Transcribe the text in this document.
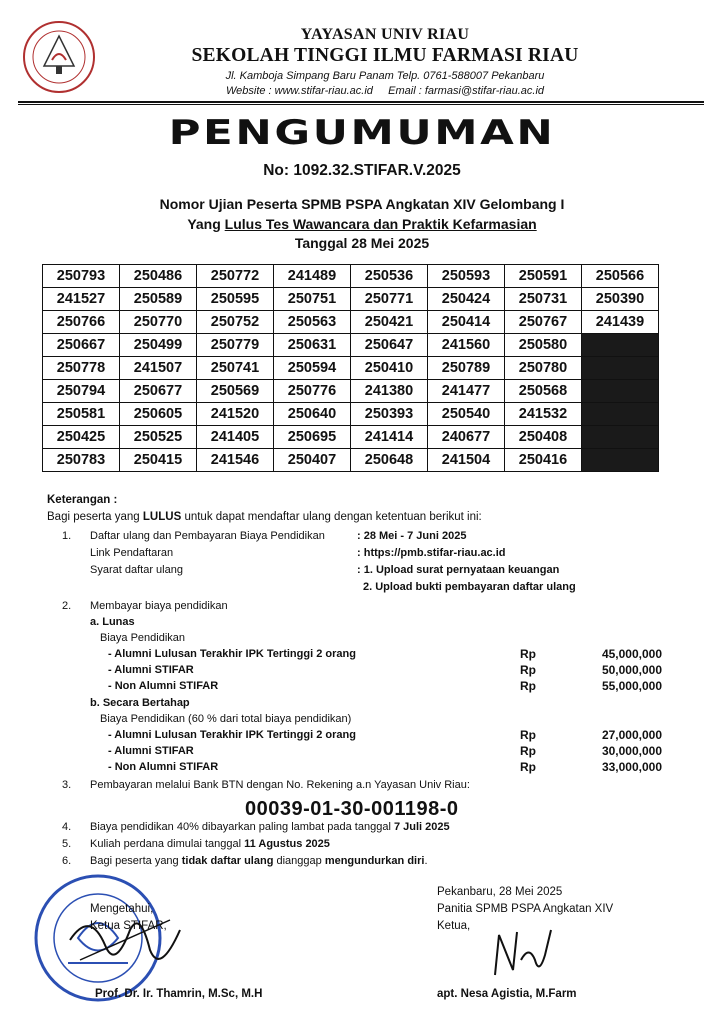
YAYASAN UNIV RIAU
SEKOLAH TINGGI ILMU FARMASI RIAU
Jl. Kamboja Simpang Baru Panam Telp. 0761-588007 Pekanbaru
Website : www.stifar-riau.ac.id     Email : farmasi@stifar-riau.ac.id
PENGUMUMAN
No: 1092.32.STIFAR.V.2025
Nomor Ujian Peserta SPMB PSPA Angkatan XIV Gelombang I
Yang Lulus Tes Wawancara dan Praktik Kefarmasian
Tanggal 28 Mei 2025
250793	250486	250772	241489	250536	250593	250591	250566
241527	250589	250595	250751	250771	250424	250731	250390
250766	250770	250752	250563	250421	250414	250767	241439
250667	250499	250779	250631	250647	241560	250580	
250778	241507	250741	250594	250410	250789	250780	
250794	250677	250569	250776	241380	241477	250568	
250581	250605	241520	250640	250393	250540	241532	
250425	250525	241405	250695	241414	240677	250408	
250783	250415	241546	250407	250648	241504	250416	
Keterangan :
Bagi peserta yang LULUS untuk dapat mendaftar ulang dengan ketentuan berikut ini:
1. Daftar ulang dan Pembayaran Biaya Pendidikan	: 28 Mei - 7 Juni 2025
Link Pendaftaran	: https://pmb.stifar-riau.ac.id
Syarat daftar ulang	: 1. Upload surat pernyataan keuangan
2. Upload bukti pembayaran daftar ulang
2. Membayar biaya pendidikan
a. Lunas
Biaya Pendidikan
- Alumni Lulusan Terakhir IPK Tertinggi 2 orang	Rp	45,000,000
- Alumni STIFAR	Rp	50,000,000
- Non Alumni STIFAR	Rp	55,000,000
b. Secara Bertahap
Biaya Pendidikan (60 % dari total biaya pendidikan)
- Alumni Lulusan Terakhir IPK Tertinggi 2 orang	Rp	27,000,000
- Alumni STIFAR	Rp	30,000,000
- Non Alumni STIFAR	Rp	33,000,000
3. Pembayaran melalui Bank BTN dengan No. Rekening a.n Yayasan Univ Riau:
00039-01-30-001198-0
4. Biaya pendidikan 40% dibayarkan paling lambat pada tanggal 7 Juli 2025
5. Kuliah perdana dimulai tanggal 11 Agustus 2025
6. Bagi peserta yang tidak daftar ulang dianggap mengundurkan diri.
Mengetahui,
Ketua STIFAR,
Prof. Dr. Ir. Thamrin, M.Sc, M.H
Pekanbaru, 28 Mei 2025
Panitia SPMB PSPA Angkatan XIV
Ketua,
apt. Nesa Agistia, M.Farm
